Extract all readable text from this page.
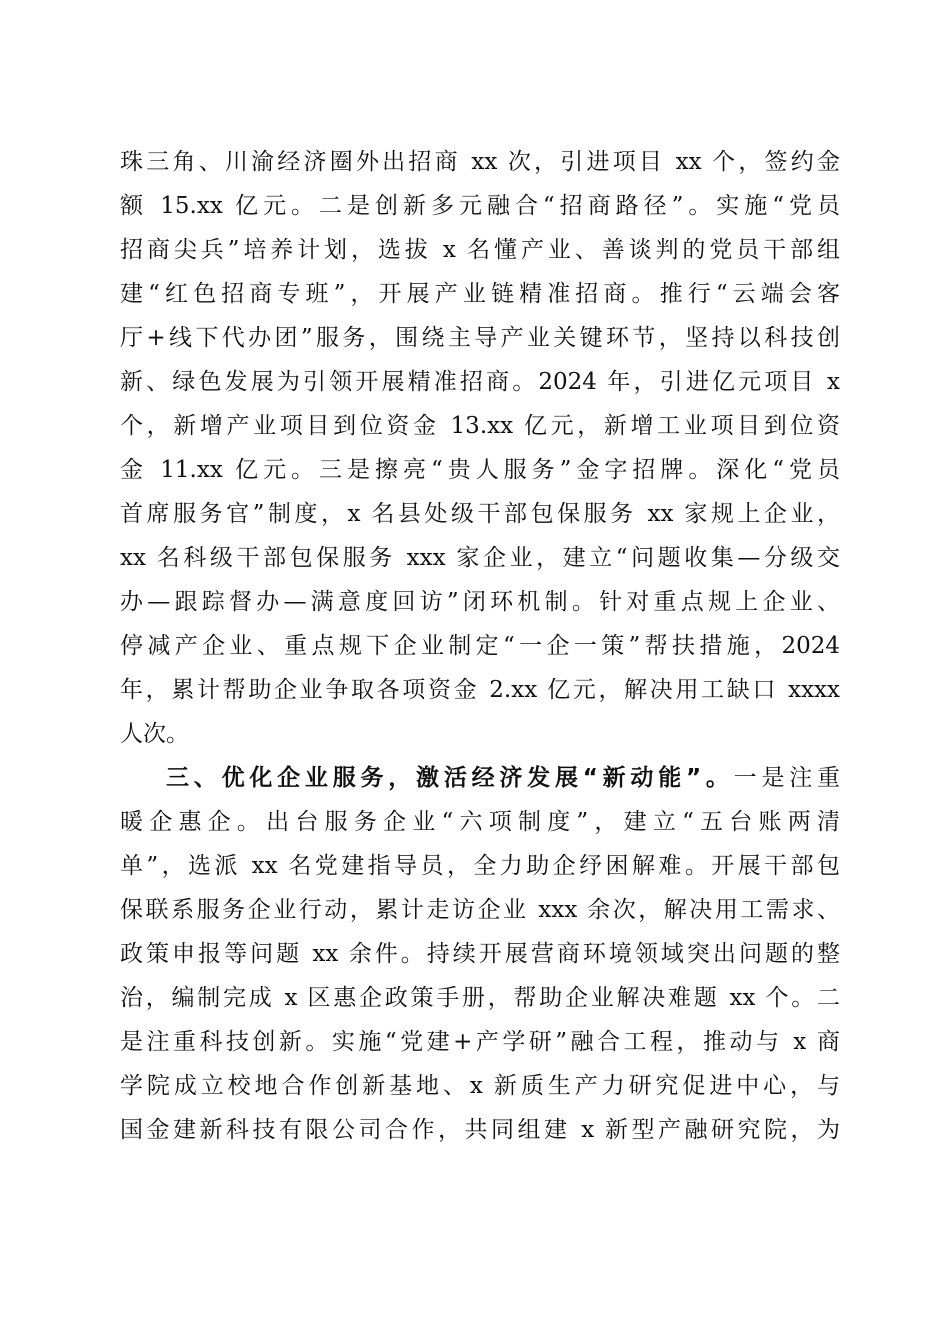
珠三角、川渝经济圈外出招商 xx 次，引进项目 xx 个，签约金
额 15.xx 亿元。二是创新多元融合“招商路径”。实施“党员
招商尖兵”培养计划，选拔 x 名懂产业、善谈判的党员干部组
建“红色招商专班”，开展产业链精准招商。推行“云端会客
厅+线下代办团”服务，围绕主导产业关键环节，坚持以科技创
新、绿色发展为引领开展精准招商。2024 年，引进亿元项目 x
个，新增产业项目到位资金 13.xx 亿元，新增工业项目到位资
金 11.xx 亿元。三是擦亮“贵人服务”金字招牌。深化“党员
首席服务官”制度，x 名县处级干部包保服务 xx 家规上企业，
xx 名科级干部包保服务 xxx 家企业，建立“问题收集—分级交
办—跟踪督办—满意度回访”闭环机制。针对重点规上企业、
停减产企业、重点规下企业制定“一企一策”帮扶措施，2024
年，累计帮助企业争取各项资金 2.xx 亿元，解决用工缺口 xxxx
人次。
三、优化企业服务，激活经济发展“新动能”。一是注重
暖企惠企。出台服务企业“六项制度”，建立“五台账两清
单”，选派 xx 名党建指导员，全力助企纾困解难。开展干部包
保联系服务企业行动，累计走访企业 xxx 余次，解决用工需求、
政策申报等问题 xx 余件。持续开展营商环境领域突出问题的整
治，编制完成 x 区惠企政策手册，帮助企业解决难题 xx 个。二
是注重科技创新。实施“党建+产学研”融合工程，推动与 x 商
学院成立校地合作创新基地、x 新质生产力研究促进中心，与
国金建新科技有限公司合作，共同组建 x 新型产融研究院，为
